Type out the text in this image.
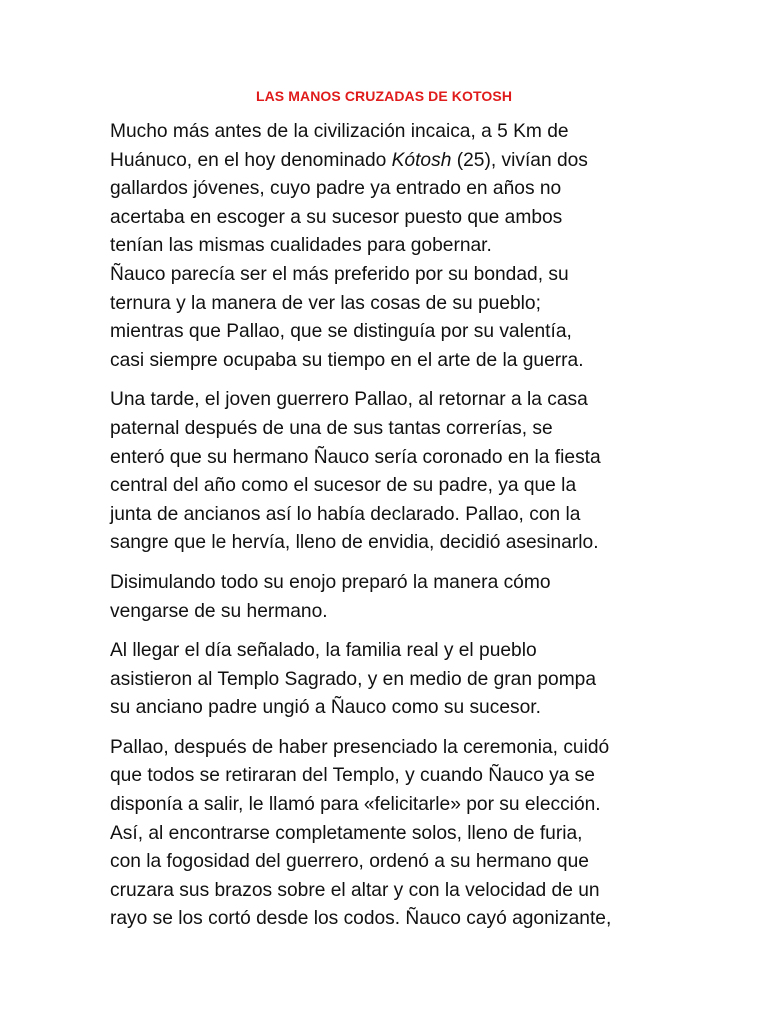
LAS MANOS CRUZADAS DE KOTOSH

Mucho más antes de la civilización incaica, a 5 Km de
Huánuco, en el hoy denominado Kótosh (25), vivían dos
gallardos jóvenes, cuyo padre ya entrado en años no
acertaba en escoger a su sucesor puesto que ambos
tenían las mismas cualidades para gobernar.

Ñauco parecía ser el más preferido por su bondad, su
ternura y la manera de ver las cosas de su pueblo;
mientras que Pallao, que se distinguía por su valentía,
casi siempre ocupaba su tiempo en el arte de la guerra.

Una tarde, el joven guerrero Pallao, al retornar a la casa
paternal después de una de sus tantas correrías, se
enteró que su hermano Ñauco sería coronado en la fiesta
central del año como el sucesor de su padre, ya que la
junta de ancianos así lo había declarado. Pallao, con la
sangre que le hervía, lleno de envidia, decidió asesinarlo.

Disimulando todo su enojo preparó la manera cómo
vengarse de su hermano.

Al llegar el día señalado, la familia real y el pueblo
asistieron al Templo Sagrado, y en medio de gran pompa
su anciano padre ungió a Ñauco como su sucesor.

Pallao, después de haber presenciado la ceremonia, cuidó
que todos se retiraran del Templo, y cuando Ñauco ya se
disponía a salir, le llamó para «felicitarle» por su elección.
Así, al encontrarse completamente solos, lleno de furia,
con la fogosidad del guerrero, ordenó a su hermano que
cruzara sus brazos sobre el altar y con la velocidad de un
rayo se los cortó desde los codos. Ñauco cayó agonizante,
